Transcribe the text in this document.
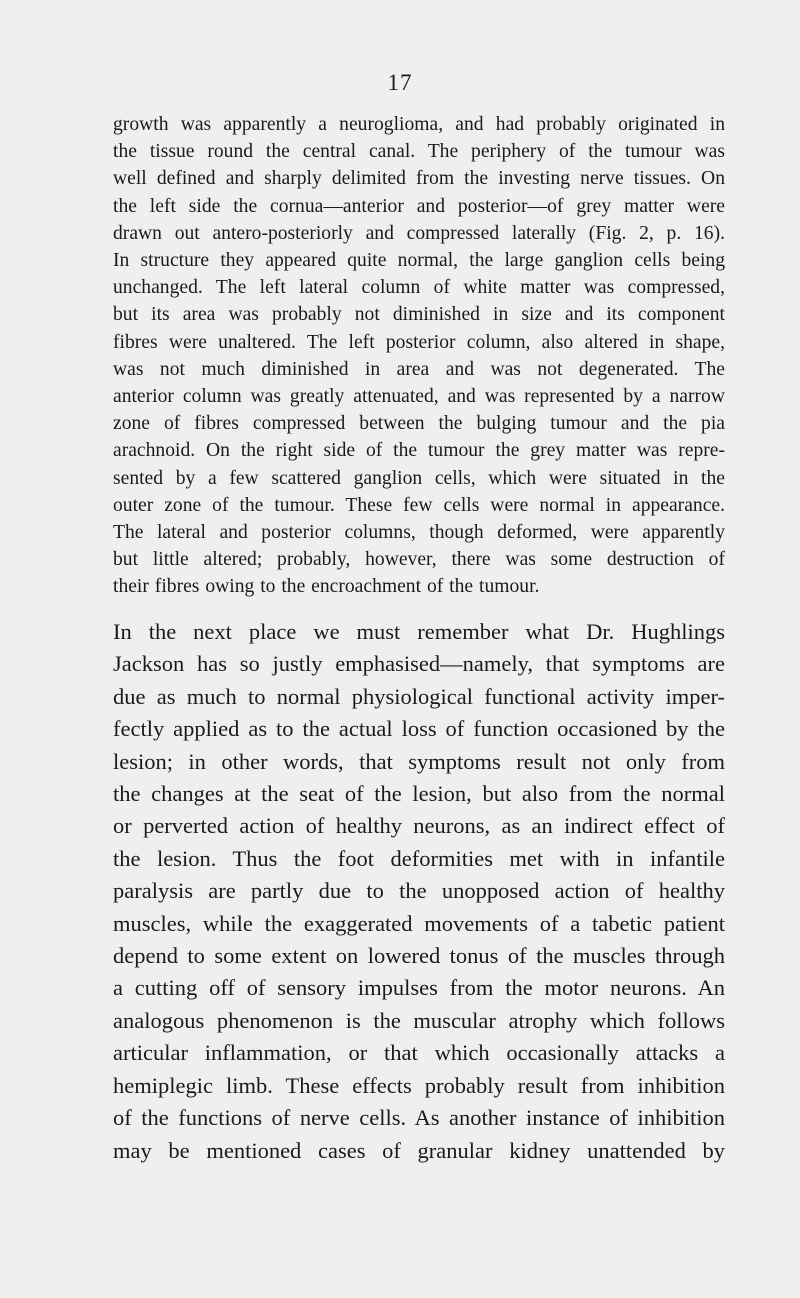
17
growth was apparently a neuroglioma, and had probably originated in
the tissue round the central canal. The periphery of the tumour was
well defined and sharply delimited from the investing nerve tissues. On
the left side the cornua—anterior and posterior—of grey matter were
drawn out antero-posteriorly and compressed laterally (Fig. 2, p. 16).
In structure they appeared quite normal, the large ganglion cells being
unchanged. The left lateral column of white matter was compressed,
but its area was probably not diminished in size and its component
fibres were unaltered. The left posterior column, also altered in shape,
was not much diminished in area and was not degenerated. The
anterior column was greatly attenuated, and was represented by a narrow
zone of fibres compressed between the bulging tumour and the pia
arachnoid. On the right side of the tumour the grey matter was repre-
sented by a few scattered ganglion cells, which were situated in the
outer zone of the tumour. These few cells were normal in appearance.
The lateral and posterior columns, though deformed, were apparently
but little altered; probably, however, there was some destruction of
their fibres owing to the encroachment of the tumour.
In the next place we must remember what Dr. Hughlings
Jackson has so justly emphasised—namely, that symptoms are
due as much to normal physiological functional activity imper-
fectly applied as to the actual loss of function occasioned by the
lesion; in other words, that symptoms result not only from
the changes at the seat of the lesion, but also from the normal
or perverted action of healthy neurons, as an indirect effect of
the lesion. Thus the foot deformities met with in infantile
paralysis are partly due to the unopposed action of healthy
muscles, while the exaggerated movements of a tabetic patient
depend to some extent on lowered tonus of the muscles through
a cutting off of sensory impulses from the motor neurons. An
analogous phenomenon is the muscular atrophy which follows
articular inflammation, or that which occasionally attacks a
hemiplegic limb. These effects probably result from inhibition
of the functions of nerve cells. As another instance of inhibition
may be mentioned cases of granular kidney unattended by
